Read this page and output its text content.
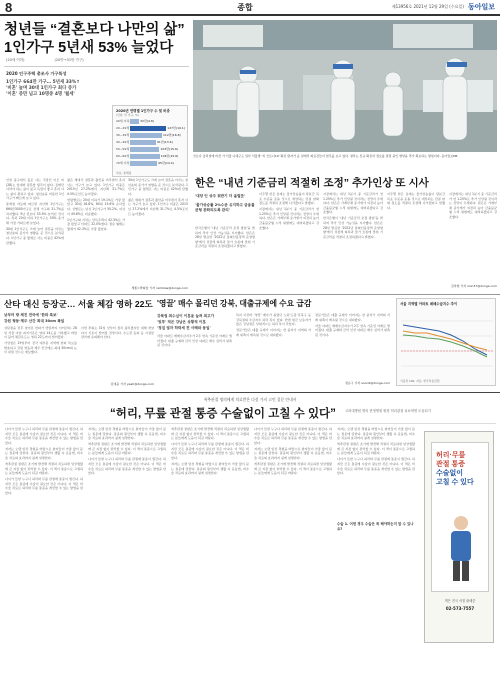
8	종합	제13956호 2021년 12월 29일 (수요일) 동아일보
청년들 “결혼보다 나만의 삶”
1인가구 5년새 53% 늘었다
(20세 이하)	(20만→31만 가구)
2020 인구주택 총조사 가구특성
1인가구 664만 가구… 5년새 33%↑
'비혼' 늘며 30대 1인가구 최다 증가
'이혼' 증만 넘고 10명중 4명 '월세'

인천 중구에서 홀로 사는 직장인 이모 씨(28)는 입대와 결혼할 생각이 없다. 집에만 사라야 하는 삶이 싫고 독립이 좋고 혼자 사는 삶이 편하고 있다. 청년층을 비롯한 1인가구가 빠르게 늘고 있다.

통계청 자료에 따르면 지난해 1인가구는 664만3000가구로 전체 가구의 31.7%를 차지했다. 5년 전보다 33.5% 늘어난 것이다. 특히 20대 이하 1인가구는 53% 증가해 가장 가파르게 늘었다.

30대 1인가구도 크게 늘어 결혼을 미루는 청년층의 증가가 영향을 준 것으로 분석된다. 1인가구 중 월세로 사는 비중은 42%에 달했다.

젊은 세대가 결혼과 출산을 미루면서 혼자 사는 가구가 늘고 있다. 1인가구 비중은 2015년 27.2%에서 지난해 31.7%로 4.5%포인트 높아졌다.

연령별로는 20대 이하가 19.1%로 가장 많았고 30대 16.8%, 60대 15.6% 순이었다. 성별로는 남성 1인가구가 50.2%, 여성이 49.8%로 비슷했다.

1인가구의 거처는 단독주택이 42.3%로 가장 많았고 아파트 32.0%였다. 점유 형태는 월세가 42.3%로 가장 많았다.

30대 1인가구도 크게 늘어 결혼을 미루는 청년층의 증가가 영향을 준 것으로 분석된다. 1인가구 중 월세로 사는 비중은 42%에 달했다.

젊은 세대가 결혼과 출산을 미루면서 혼자 사는 가구가 늘고 있다. 1인가구 비중은 2015년 27.2%에서 지난해 31.7%로 4.5%포인트 높아졌다.

세종=박희창 기자 ramblas@donga.com
2020년 연령별 1인가구 수 및 비중
(단위: 만 가구, %)
20세 이하	32만(4.8)
20~29세	127만(19.1)
30~39세	112만(16.8)
40~49세	91만(13.6)
50~59세	103만(15.6)
60~69세	104만(15.6)
70세 이상	95만(14.4)
자료: 통계청
코로나 총리설에 비선 가 서울 나네구도 일부 서울병 '치 코로나19' 확진 환자가 음 실에서 의료진들이 업무를 보고 있다. 정부는 신규 확진자 정보를 결정 중인 병상을 추가 확보하는 방침이다. 동아일보DB
한은 “내년 기준금리 적절히 조정” 추가인상 또 시사
'대당 인 상주 취반기 더 올릴듯'
'물가상승률 2%수준 유지하고 금융불균형 완화되도록 관리'

한국은행이 '내년 기준금리 조정 방침'을 밝히며 추가 인상 가능성을 시사했다. 한은은 28일 발표한 '2022년 통화신용정책 운영방향'에서 성장세 회복과 물가 흐름에 맞춰 기준금리를 적절히 조정하겠다고 밝혔다.

이주열 한은 총재는 물가상승률이 당분간 목표 수준을 웃돌 것으로 예상되는 만큼 완화 정도를 적절히 조정해 나가겠다고 말했다.

시장에서는 내년 1분기 중 기준금리가 연 1.25%로 추가 인상될 것이라는 전망이 우세하다. 한은은 가계부채 증가세가 여전히 높아 금융불균형 누적 위험에도 대비하겠다고 강조했다.

시장에서는 내년 1분기 중 기준금리가 연 1.25%로 추가 인상될 것이라는 전망이 우세하다. 한은은 가계부채 증가세가 여전히 높아 금융불균형 누적 위험에도 대비하겠다고 강조했다.

한국은행이 '내년 기준금리 조정 방침'을 밝히며 추가 인상 가능성을 시사했다. 한은은 28일 발표한 '2022년 통화신용정책 운영방향'에서 성장세 회복과 물가 흐름에 맞춰 기준금리를 적절히 조정하겠다고 밝혔다.

이주열 한은 총재는 물가상승률이 당분간 목표 수준을 웃돌 것으로 예상되는 만큼 완화 정도를 적절히 조정해 나가겠다고 말했다.

시장에서는 내년 1분기 중 기준금리가 연 1.25%로 추가 인상될 것이라는 전망이 우세하다. 한은은 가계부채 증가세가 여전히 높아 금융불균형 누적 위험에도 대비하겠다고 강조했다.

김자현 기자 zion37@donga.com
산타 대신 등장군… 서울 체감 영하 22도
낮부터 방 체진 전국에 '한파 특보'
강원 형동·제주 산간 최대 30cm 폭설

성탄절을 전후 찾아온 한파가 연말까지 이어진다. 28일 서울 아침 최저기온은 영하 14도를 기록했고 바람이 불어 체감온도는 영하 22도까지 떨어졌다.

기상청은 29일부터 전국 대부분 지역에 한파 특보를 발효하고 강원 영동과 제주 산간에는 최대 30cm의 눈이 내릴 것으로 예보했다.

이번 추위는 31일 낮부터 점차 풀리겠지만 새해 첫날 다시 기온이 떨어질 전망이다. 수도관 동파 등 시설물 관리에 유의해야 한다.

김예윤 기자 yeah@donga.com
'영끌' 매수 몰리던 강북, 대출규제에 수요 급감
강북권 최수십이 이훈윤 늘려 최고가
'빚투' 적은 강남은 상황적 이훈
'정집 권자 하락세 전 사례와 동일'

서울 아파트 매매수급지수가 2주 연속 기준선 아래로 떨어졌다. 대출 규제와 금리 인상 여파로 매수 심리가 위축된 것이다.

특히 이른바 '영끌' 매수가 몰렸던 노원·도봉·강북구 등 강북권의 수급지수 하락 폭이 컸다. 반면 현금 보유자가 많은 강남권은 상대적으로 하락 폭이 작았다.

전문가들은 대출 규제가 이어지는 한 중저가 지역의 거래 위축이 계속될 것으로 내다봤다.

전문가들은 대출 규제가 이어지는 한 중저가 지역의 거래 위축이 계속될 것으로 내다봤다.

서울 아파트 매매수급지수가 2주 연속 기준선 아래로 떨어졌다. 대출 규제와 금리 인상 여파로 매수 심리가 위축된 것이다.

정순구 기자 soon9@donga.com
서울 지역별 아파트 매매수급지수 추이
기준선 100, 자료: 한국부동산원
척추관절 명의에게 치료받은 다섯 가지 고민 질문 안내서
“허리, 무릎 관절 통증 수술없이 고칠 수 있다”	고려대병원 명의 현영병원 원장 허리관절 치료혁명 도움되기

나이가 들면 누구나 허리와 무릎 관절에 통증이 생긴다. 하지만 모든 통증에 수술이 필요한 것은 아니다. 이 책은 비수술 치료로 허리와 무릎 통증을 개선할 수 있는 방법을 담았다.

저자는 오랜 임상 경험을 바탕으로 환자들이 가장 많이 묻는 질문에 답한다. 통증의 원인부터 생활 속 운동법, 비수술 치료의 효과까지 쉽게 설명한다.

척추관절 질환은 조기에 발견해 적절히 치료하면 일상생활에 큰 지장 없이 관리할 수 있다. 이 책이 통증으로 고생하는 분들에게 도움이 되길 바란다.

나이가 들면 누구나 허리와 무릎 관절에 통증이 생긴다. 하지만 모든 통증에 수술이 필요한 것은 아니다. 이 책은 비수술 치료로 허리와 무릎 통증을 개선할 수 있는 방법을 담았다.

저자는 오랜 임상 경험을 바탕으로 환자들이 가장 많이 묻는 질문에 답한다. 통증의 원인부터 생활 속 운동법, 비수술 치료의 효과까지 쉽게 설명한다.

척추관절 질환은 조기에 발견해 적절히 치료하면 일상생활에 큰 지장 없이 관리할 수 있다. 이 책이 통증으로 고생하는 분들에게 도움이 되길 바란다.

나이가 들면 누구나 허리와 무릎 관절에 통증이 생긴다. 하지만 모든 통증에 수술이 필요한 것은 아니다. 이 책은 비수술 치료로 허리와 무릎 통증을 개선할 수 있는 방법을 담았다.

척추관절 질환은 조기에 발견해 적절히 치료하면 일상생활에 큰 지장 없이 관리할 수 있다. 이 책이 통증으로 고생하는 분들에게 도움이 되길 바란다.

나이가 들면 누구나 허리와 무릎 관절에 통증이 생긴다. 하지만 모든 통증에 수술이 필요한 것은 아니다. 이 책은 비수술 치료로 허리와 무릎 통증을 개선할 수 있는 방법을 담았다.

저자는 오랜 임상 경험을 바탕으로 환자들이 가장 많이 묻는 질문에 답한다. 통증의 원인부터 생활 속 운동법, 비수술 치료의 효과까지 쉽게 설명한다.

나이가 들면 누구나 허리와 무릎 관절에 통증이 생긴다. 하지만 모든 통증에 수술이 필요한 것은 아니다. 이 책은 비수술 치료로 허리와 무릎 통증을 개선할 수 있는 방법을 담았다.

저자는 오랜 임상 경험을 바탕으로 환자들이 가장 많이 묻는 질문에 답한다. 통증의 원인부터 생활 속 운동법, 비수술 치료의 효과까지 쉽게 설명한다.

척추관절 질환은 조기에 발견해 적절히 치료하면 일상생활에 큰 지장 없이 관리할 수 있다. 이 책이 통증으로 고생하는 분들에게 도움이 되길 바란다.

저자는 오랜 임상 경험을 바탕으로 환자들이 가장 많이 묻는 질문에 답한다. 통증의 원인부터 생활 속 운동법, 비수술 치료의 효과까지 쉽게 설명한다.

척추관절 질환은 조기에 발견해 적절히 치료하면 일상생활에 큰 지장 없이 관리할 수 있다. 이 책이 통증으로 고생하는 분들에게 도움이 되길 바란다.

나이가 들면 누구나 허리와 무릎 관절에 통증이 생긴다. 하지만 모든 통증에 수술이 필요한 것은 아니다. 이 책은 비수술 치료로 허리와 무릎 통증을 개선할 수 있는 방법을 담았다.

수술 1. 어떤 경우 수술은 꼭 해야하는지 알 수 있나요?
허리·무릎
관절 통증
수술없이
고칠 수 있다
책은 전국 서점 판매중
02-573-7557
